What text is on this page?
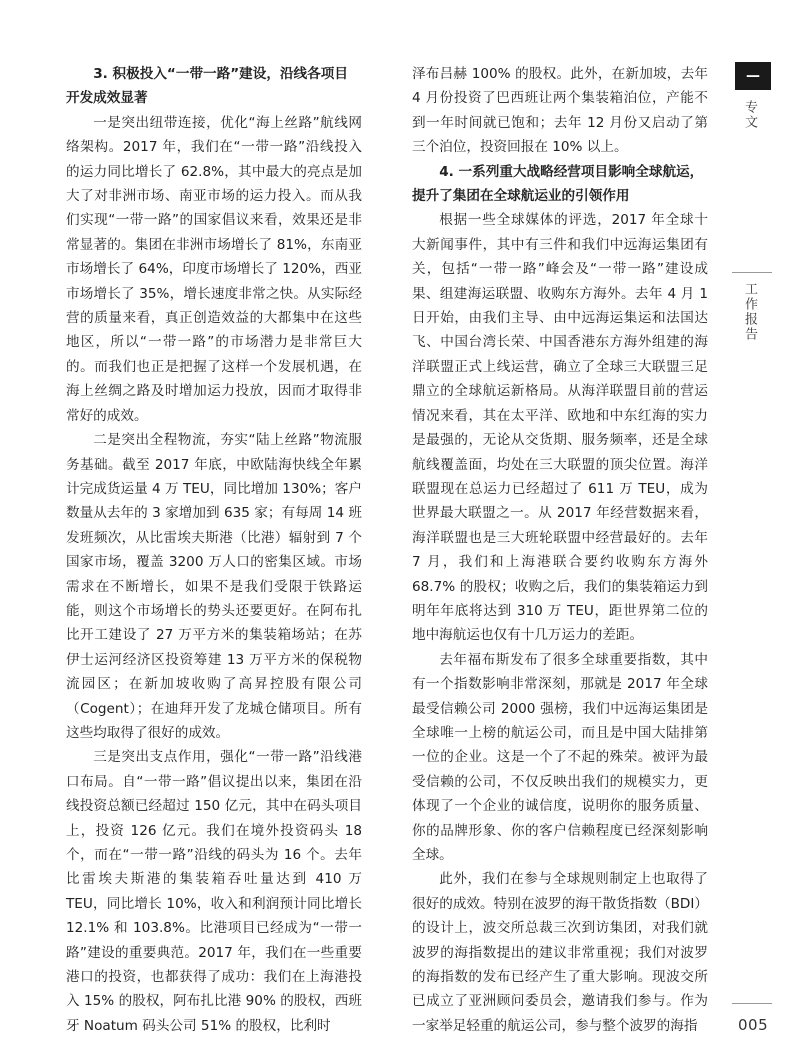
3. 积极投入“一带一路”建设，沿线各项目
开发成效显著

一是突出纽带连接，优化“海上丝路”航线网络架构。2017 年，我们在“一带一路”沿线投入的运力同比增长了 62.8%，其中最大的亮点是加大了对非洲市场、南亚市场的运力投入。而从我们实现“一带一路”的国家倡议来看，效果还是非常显著的。集团在非洲市场增长了 81%，东南亚市场增长了 64%，印度市场增长了 120%，西亚市场增长了 35%，增长速度非常之快。从实际经营的质量来看，真正创造效益的大都集中在这些地区，所以“一带一路”的市场潜力是非常巨大的。而我们也正是把握了这样一个发展机遇，在海上丝绸之路及时增加运力投放，因而才取得非常好的成效。

二是突出全程物流，夯实“陆上丝路”物流服务基础。截至 2017 年底，中欧陆海快线全年累计完成货运量 4 万 TEU，同比增加 130%；客户数量从去年的 3 家增加到 635 家；有每周 14 班发班频次，从比雷埃夫斯港（比港）辐射到 7 个国家市场，覆盖 3200 万人口的密集区域。市场需求在不断增长，如果不是我们受限于铁路运能，则这个市场增长的势头还要更好。在阿布扎比开工建设了 27 万平方米的集装箱场站；在苏伊士运河经济区投资筹建 13 万平方米的保税物流园区；在新加坡收购了高昇控股有限公司（Cogent）；在迪拜开发了龙城仓储项目。所有这些均取得了很好的成效。

三是突出支点作用，强化“一带一路”沿线港口布局。自“一带一路”倡议提出以来，集团在沿线投资总额已经超过 150 亿元，其中在码头项目上，投资 126 亿元。我们在境外投资码头 18 个，而在“一带一路”沿线的码头为 16 个。去年比雷埃夫斯港的集装箱吞吐量达到 410 万 TEU，同比增长 10%，收入和利润预计同比增长 12.1% 和 103.8%。比港项目已经成为“一带一路”建设的重要典范。2017 年，我们在一些重要港口的投资，也都获得了成功：我们在上海港投入 15% 的股权，阿布扎比港 90% 的股权，西班牙 Noatum 码头公司 51% 的股权，比利时

泽布吕赫 100% 的股权。此外，在新加坡，去年 4 月份投资了巴西班让两个集装箱泊位，产能不到一年时间就已饱和；去年 12 月份又启动了第三个泊位，投资回报在 10% 以上。

4. 一系列重大战略经营项目影响全球航运，
提升了集团在全球航运业的引领作用

根据一些全球媒体的评选，2017 年全球十大新闻事件，其中有三件和我们中远海运集团有关，包括“一带一路”峰会及“一带一路”建设成果、组建海运联盟、收购东方海外。去年 4 月 1 日开始，由我们主导、由中远海运集运和法国达飞、中国台湾长荣、中国香港东方海外组建的海洋联盟正式上线运营，确立了全球三大联盟三足鼎立的全球航运新格局。从海洋联盟目前的营运情况来看，其在太平洋、欧地和中东红海的实力是最强的，无论从交货期、服务频率，还是全球航线覆盖面，均处在三大联盟的顶尖位置。海洋联盟现在总运力已经超过了 611 万 TEU，成为世界最大联盟之一。从 2017 年经营数据来看，海洋联盟也是三大班轮联盟中经营最好的。去年 7 月，我们和上海港联合要约收购东方海外 68.7% 的股权；收购之后，我们的集装箱运力到明年年底将达到 310 万 TEU，距世界第二位的地中海航运也仅有十几万运力的差距。

去年福布斯发布了很多全球重要指数，其中有一个指数影响非常深刻，那就是 2017 年全球最受信赖公司 2000 强榜，我们中远海运集团是全球唯一上榜的航运公司，而且是中国大陆排第一位的企业。这是一个了不起的殊荣。被评为最受信赖的公司，不仅反映出我们的规模实力，更体现了一个企业的诚信度，说明你的服务质量、你的品牌形象、你的客户信赖程度已经深刻影响全球。

此外，我们在参与全球规则制定上也取得了很好的成效。特别在波罗的海干散货指数（BDI）的设计上，波交所总裁三次到访集团，对我们就波罗的海指数提出的建议非常重视；我们对波罗的海指数的发布已经产生了重大影响。现波交所已成立了亚洲顾问委员会，邀请我们参与。作为一家举足轻重的航运公司，参与整个波罗的海指

—
专文
工作报告
005
